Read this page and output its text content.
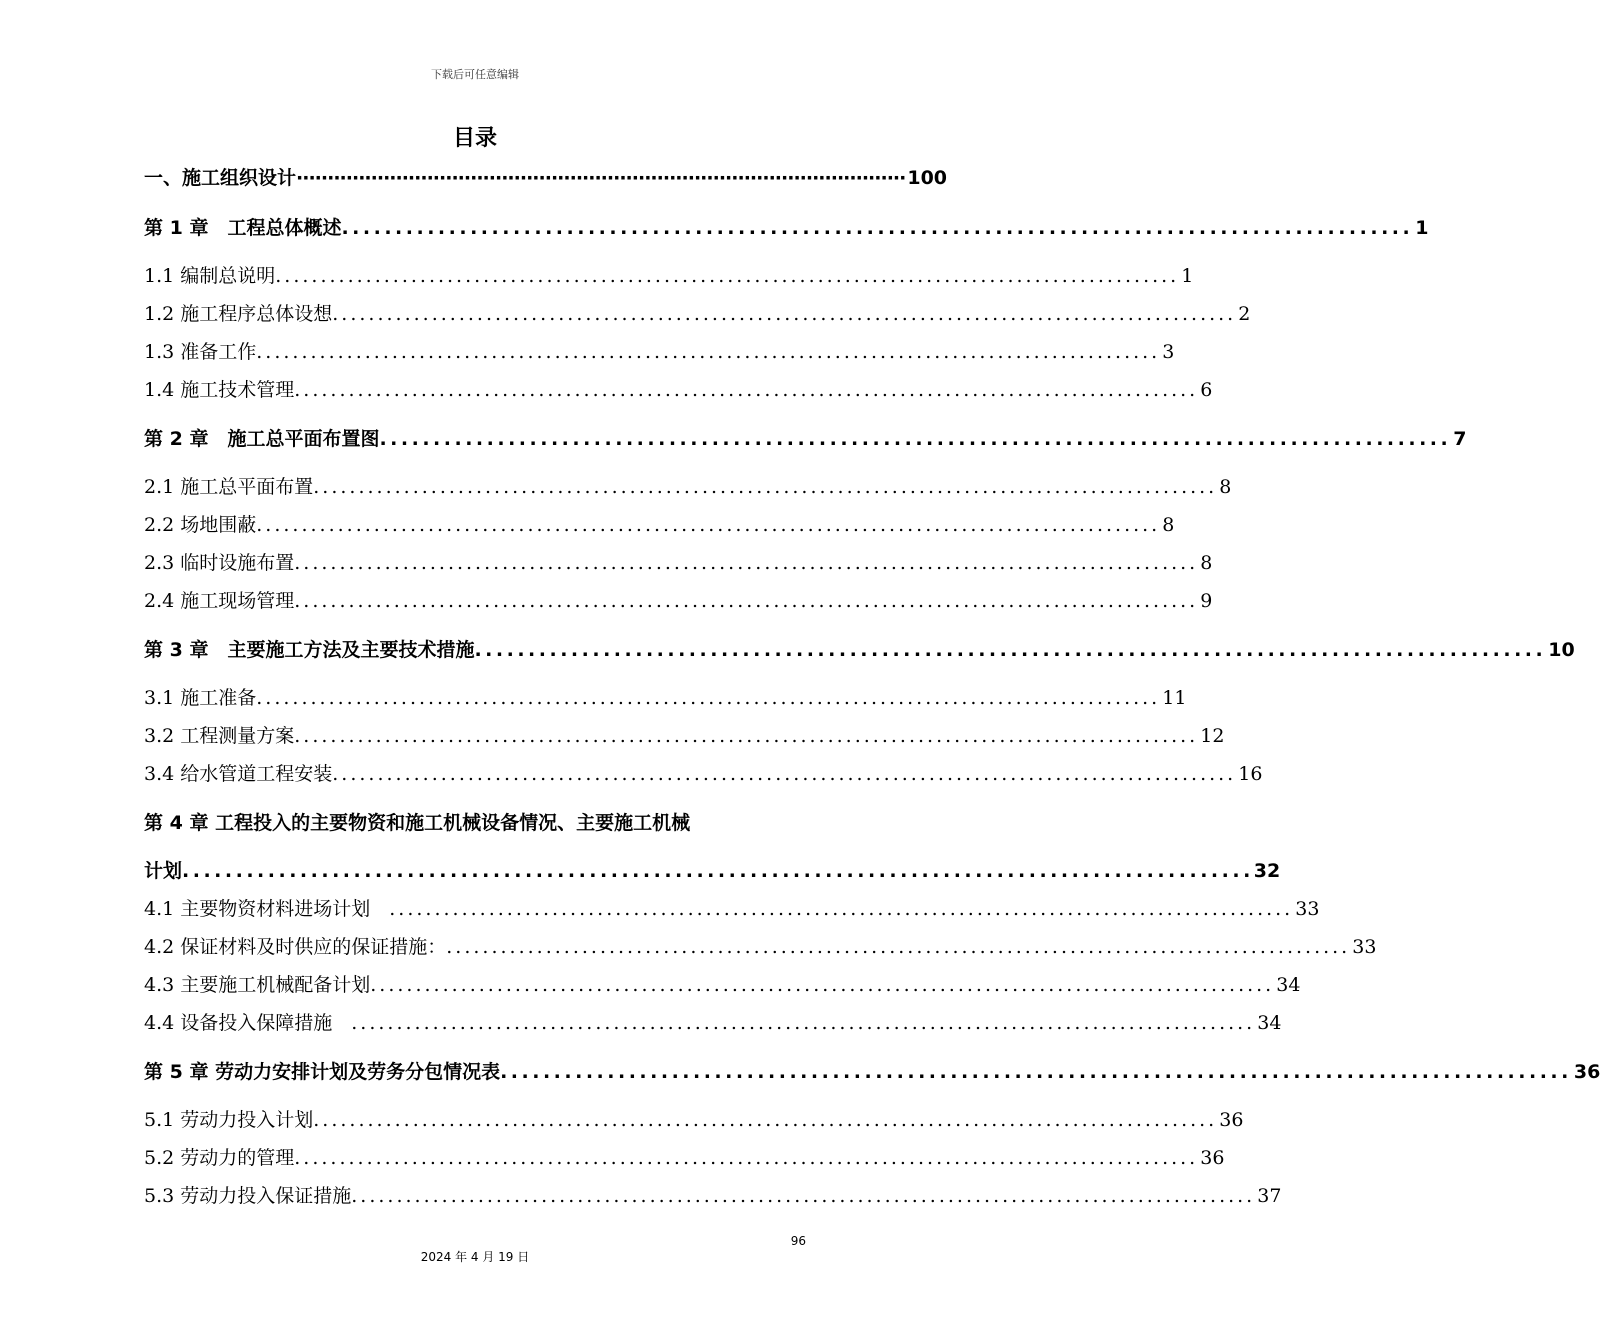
下载后可任意编辑
目录
一、施工组织设计 ·································································································· 100
第 1 章　工程总体概述 .................................................................................................... 1
1.1 编制总说明 .................................................................................................... 1
1.2 施工程序总体设想 .................................................................................................... 2
1.3 准备工作 .................................................................................................... 3
1.4 施工技术管理 .................................................................................................... 6
第 2 章　施工总平面布置图 .................................................................................................... 7
2.1 施工总平面布置 .................................................................................................... 8
2.2 场地围蔽 .................................................................................................... 8
2.3 临时设施布置 .................................................................................................... 8
2.4 施工现场管理 .................................................................................................... 9
第 3 章　主要施工方法及主要技术措施 .................................................................................................... 10
3.1 施工准备 .................................................................................................... 11
3.2 工程测量方案 .................................................................................................... 12
3.4 给水管道工程安装 .................................................................................................... 16
第 4 章 工程投入的主要物资和施工机械设备情况、主要施工机械
计划 .................................................................................................... 32
4.1 主要物资材料进场计划　 .................................................................................................... 33
4.2 保证材料及时供应的保证措施： .................................................................................................... 33
4.3 主要施工机械配备计划 .................................................................................................... 34
4.4 设备投入保障措施　 .................................................................................................... 34
第 5 章 劳动力安排计划及劳务分包情况表 .................................................................................................... 36
5.1 劳动力投入计划 .................................................................................................... 36
5.2 劳动力的管理 .................................................................................................... 36
5.3 劳动力投入保证措施 .................................................................................................... 37
96
2024 年 4 月 19 日
